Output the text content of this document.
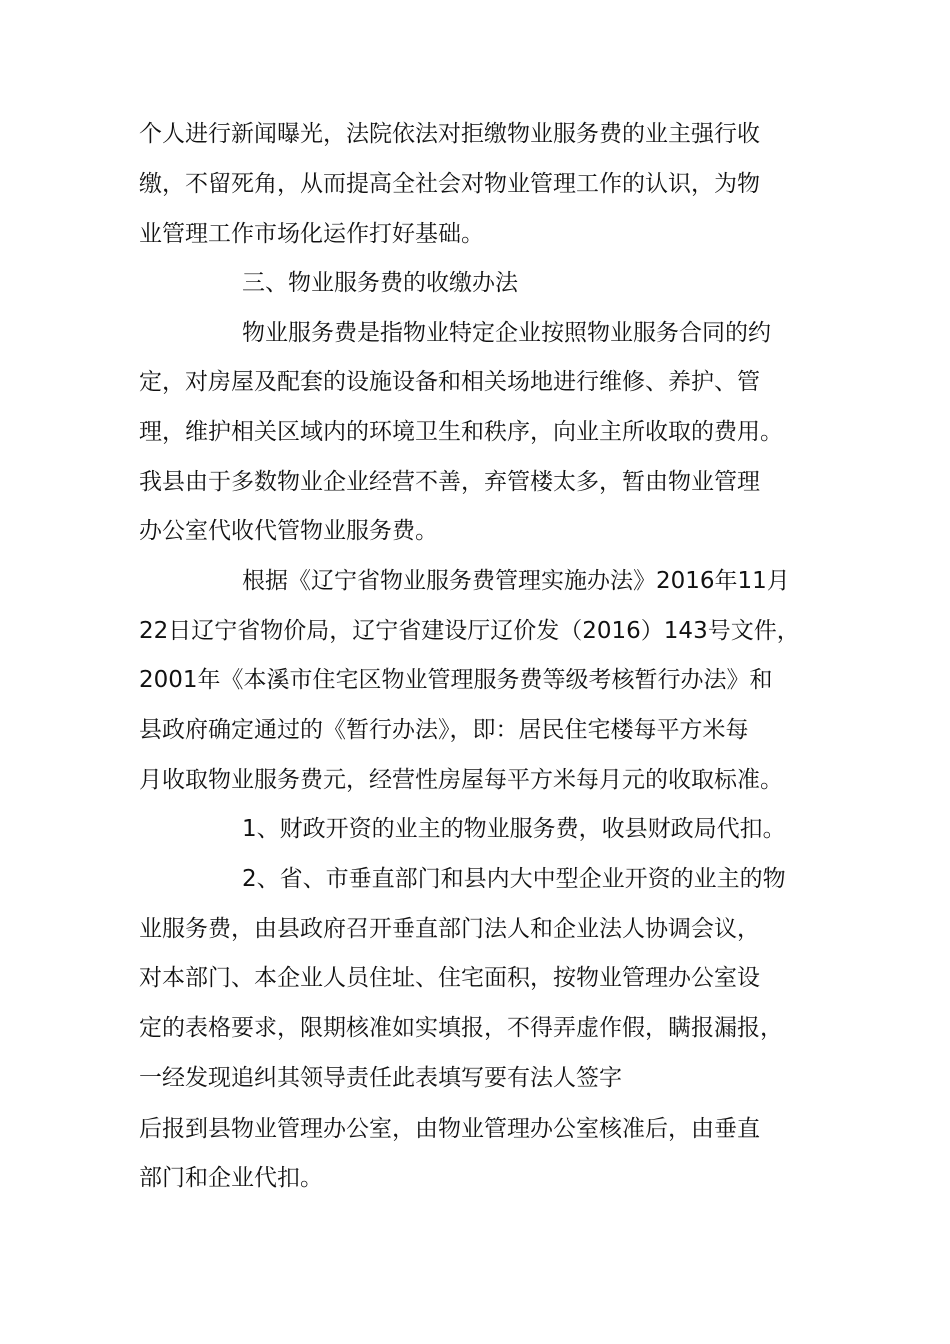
个人进行新闻曝光，法院依法对拒缴物业服务费的业主强行收
缴，不留死角，从而提高全社会对物业管理工作的认识，为物
业管理工作市场化运作打好基础。
三、物业服务费的收缴办法
物业服务费是指物业特定企业按照物业服务合同的约
定，对房屋及配套的设施设备和相关场地进行维修、养护、管
理，维护相关区域内的环境卫生和秩序，向业主所收取的费用。
我县由于多数物业企业经营不善，弃管楼太多，暂由物业管理
办公室代收代管物业服务费。
根据《辽宁省物业服务费管理实施办法》2016年11月
22日辽宁省物价局，辽宁省建设厅辽价发（2016）143号文件，
2001年《本溪市住宅区物业管理服务费等级考核暂行办法》和
县政府确定通过的《暂行办法》，即：居民住宅楼每平方米每
月收取物业服务费元，经营性房屋每平方米每月元的收取标准。
1、财政开资的业主的物业服务费，收县财政局代扣。
2、省、市垂直部门和县内大中型企业开资的业主的物
业服务费，由县政府召开垂直部门法人和企业法人协调会议，
对本部门、本企业人员住址、住宅面积，按物业管理办公室设
定的表格要求，限期核准如实填报，不得弄虚作假，瞒报漏报，
一经发现追纠其领导责任此表填写要有法人签字
后报到县物业管理办公室，由物业管理办公室核准后，由垂直
部门和企业代扣。
